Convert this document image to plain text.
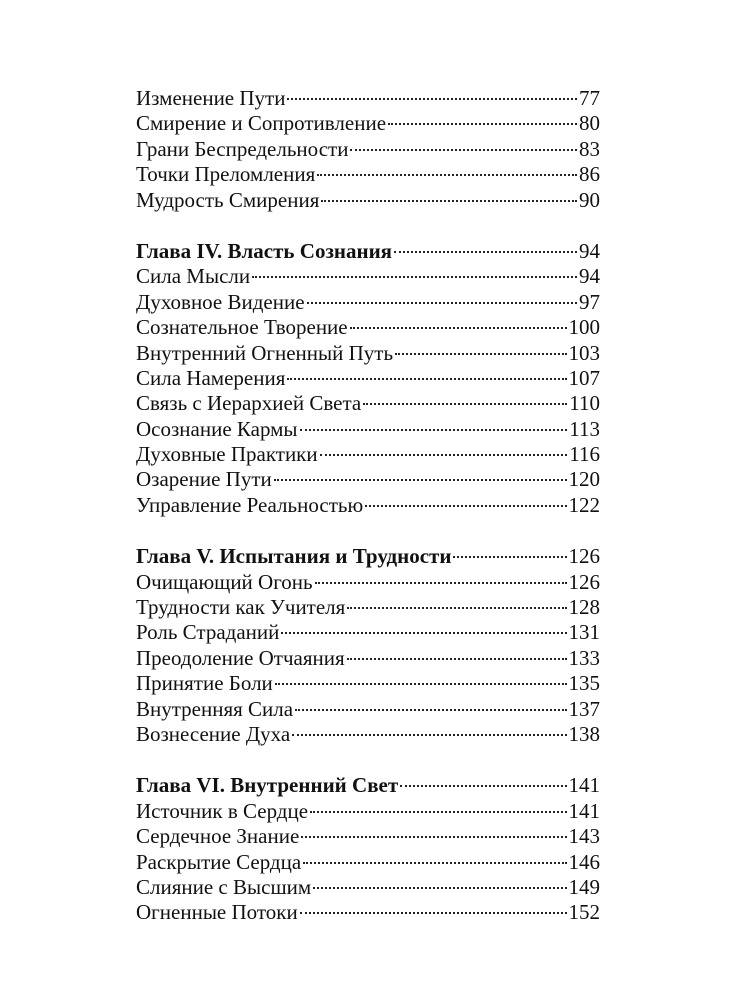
Изменение Пути	77
Смирение и Сопротивление	80
Грани Беспредельности	83
Точки Преломления	86
Мудрость Смирения	90
Глава IV. Власть Сознания	94
Сила Мысли	94
Духовное Видение	97
Сознательное Творение	100
Внутренний Огненный Путь	103
Сила Намерения	107
Связь с Иерархией Света	110
Осознание Кармы	113
Духовные Практики	116
Озарение Пути	120
Управление Реальностью	122
Глава V. Испытания и Трудности	126
Очищающий Огонь	126
Трудности как Учителя	128
Роль Страданий	131
Преодоление Отчаяния	133
Принятие Боли	135
Внутренняя Сила	137
Вознесение Духа	138
Глава VI. Внутренний Свет	141
Источник в Сердце	141
Сердечное Знание	143
Раскрытие Сердца	146
Слияние с Высшим	149
Огненные Потоки	152
